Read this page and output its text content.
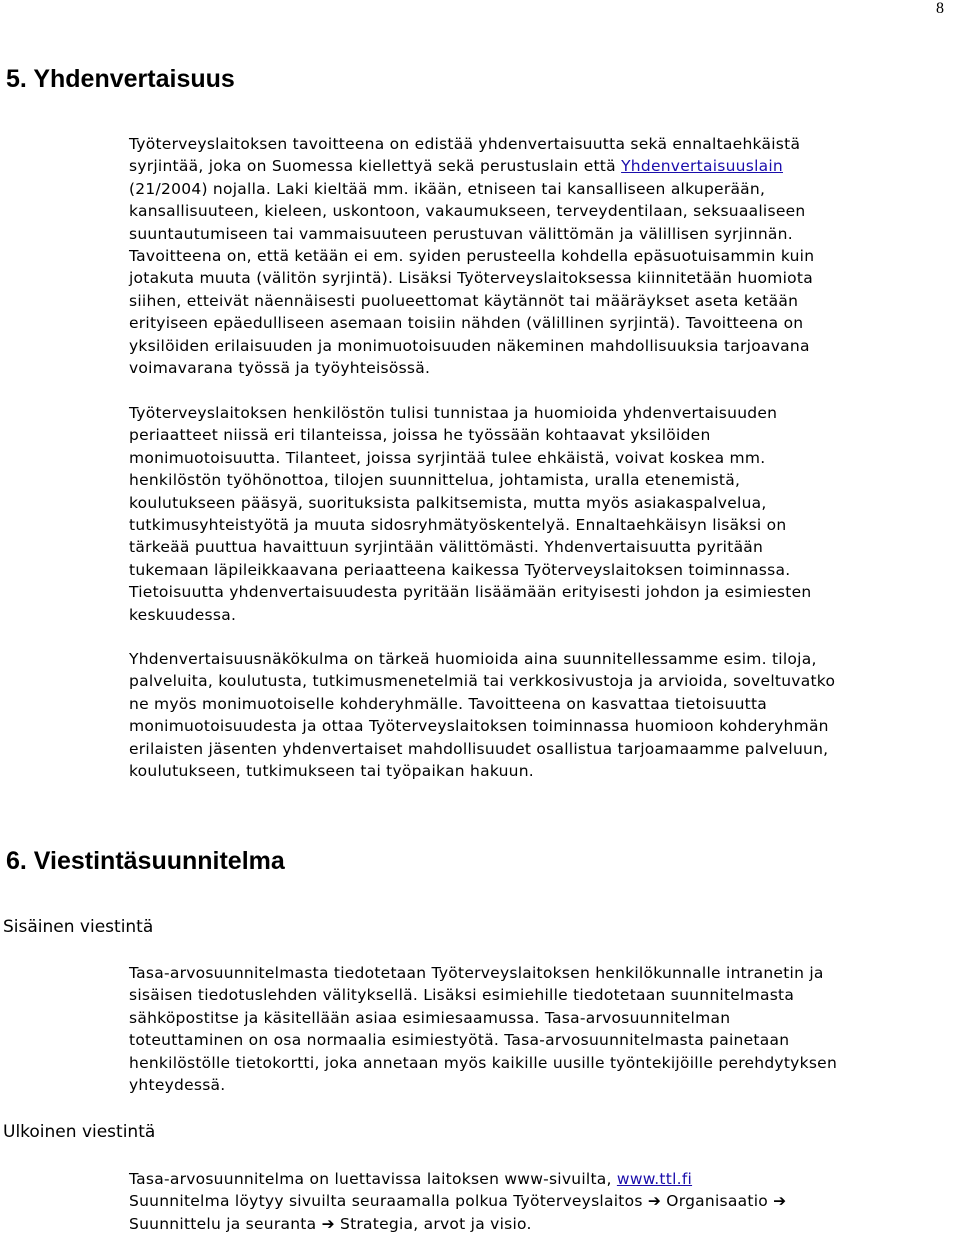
8
5. Yhdenvertaisuus
Työterveyslaitoksen tavoitteena on edistää yhdenvertaisuutta sekä ennaltaehkäistä
syrjintää, joka on Suomessa kiellettyä sekä perustuslain että Yhdenvertaisuuslain
(21/2004) nojalla. Laki kieltää mm. ikään, etniseen tai kansalliseen alkuperään,
kansallisuuteen, kieleen, uskontoon, vakaumukseen, terveydentilaan, seksuaaliseen
suuntautumiseen tai vammaisuuteen perustuvan välittömän ja välillisen syrjinnän.
Tavoitteena on, että ketään ei em. syiden perusteella kohdella epäsuotuisammin kuin
jotakuta muuta (välitön syrjintä). Lisäksi Työterveyslaitoksessa kiinnitetään huomiota
siihen, etteivät näennäisesti puolueettomat käytännöt tai määräykset aseta ketään
erityiseen epäedulliseen asemaan toisiin nähden (välillinen syrjintä). Tavoitteena on
yksilöiden erilaisuuden ja monimuotoisuuden näkeminen mahdollisuuksia tarjoavana
voimavarana työssä ja työyhteisössä.
Työterveyslaitoksen henkilöstön tulisi tunnistaa ja huomioida yhdenvertaisuuden
periaatteet niissä eri tilanteissa, joissa he työssään kohtaavat yksilöiden
monimuotoisuutta. Tilanteet, joissa syrjintää tulee ehkäistä, voivat koskea mm.
henkilöstön työhönottoa, tilojen suunnittelua, johtamista, uralla etenemistä,
koulutukseen pääsyä, suorituksista palkitsemista, mutta myös asiakaspalvelua,
tutkimusyhteistyötä ja muuta sidosryhmätyöskentelyä. Ennaltaehkäisyn lisäksi on
tärkeää puuttua havaittuun syrjintään välittömästi. Yhdenvertaisuutta pyritään
tukemaan läpileikkaavana periaatteena kaikessa Työterveyslaitoksen toiminnassa.
Tietoisuutta yhdenvertaisuudesta pyritään lisäämään erityisesti johdon ja esimiesten
keskuudessa.
Yhdenvertaisuusnäkökulma on tärkeä huomioida aina suunnitellessamme esim. tiloja,
palveluita, koulutusta, tutkimusmenetelmiä tai verkkosivustoja ja arvioida, soveltuvatko
ne myös monimuotoiselle kohderyhmälle. Tavoitteena on kasvattaa tietoisuutta
monimuotoisuudesta ja ottaa Työterveyslaitoksen toiminnassa huomioon kohderyhmän
erilaisten jäsenten yhdenvertaiset mahdollisuudet osallistua tarjoamaamme palveluun,
koulutukseen, tutkimukseen tai työpaikan hakuun.
6. Viestintäsuunnitelma
Sisäinen viestintä
Tasa-arvosuunnitelmasta tiedotetaan Työterveyslaitoksen henkilökunnalle intranetin ja
sisäisen tiedotuslehden välityksellä. Lisäksi esimiehille tiedotetaan suunnitelmasta
sähköpostitse ja käsitellään asiaa esimiesaamussa. Tasa-arvosuunnitelman
toteuttaminen on osa normaalia esimiestyötä. Tasa-arvosuunnitelmasta painetaan
henkilöstölle tietokortti, joka annetaan myös kaikille uusille työntekijöille perehdytyksen
yhteydessä.
Ulkoinen viestintä
Tasa-arvosuunnitelma on luettavissa laitoksen www-sivuilta, www.ttl.fi
Suunnitelma löytyy sivuilta seuraamalla polkua Työterveyslaitos ➔ Organisaatio ➔
Suunnittelu ja seuranta ➔ Strategia, arvot ja visio.
